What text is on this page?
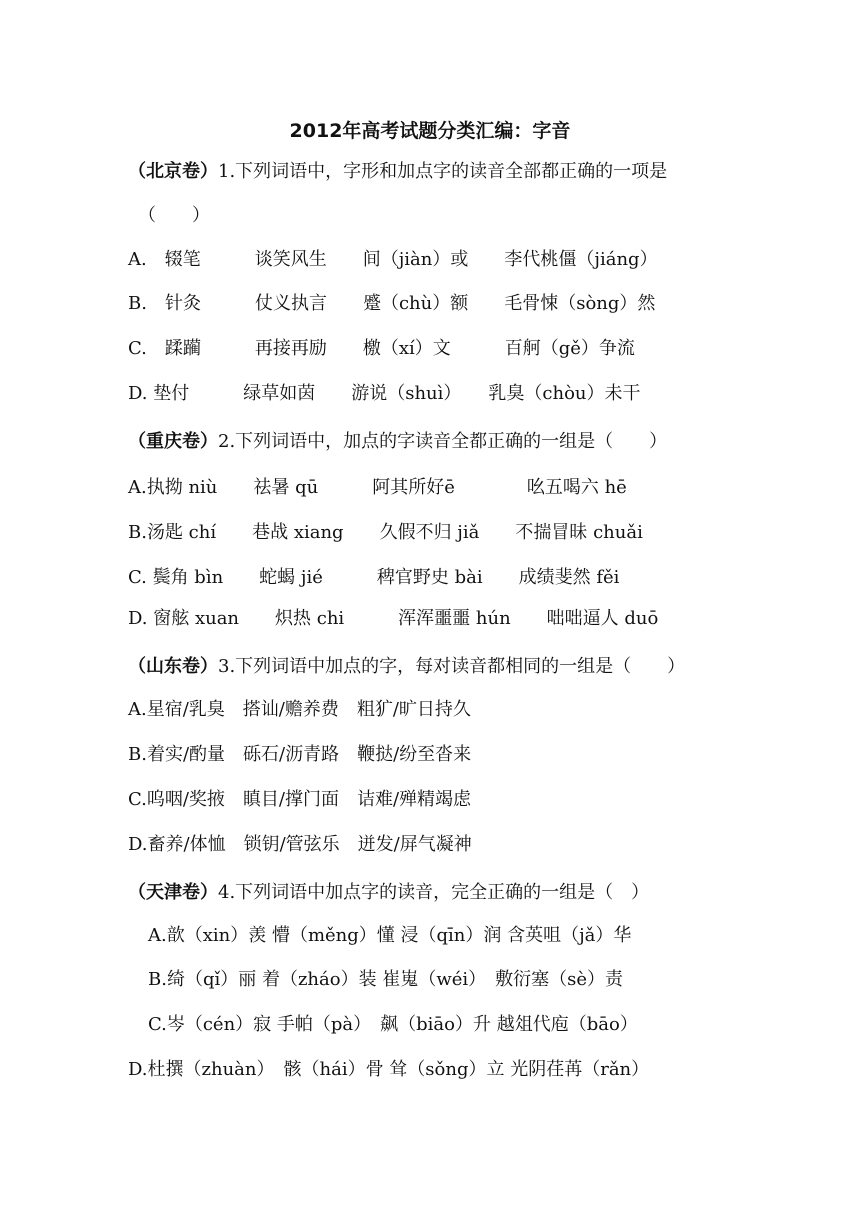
2012年高考试题分类汇编：字音
（北京卷）1.下列词语中，字形和加点字的读音全部都正确的一项是
（　　）
A.　辍笔　　　谈笑风生　　间（jiàn）或　　李代桃僵（jiáng）
B.　针灸　　　仗义执言　　蹙（chù）额　　毛骨悚（sòng）然
C.　蹂躏　　　再接再励　　檄（xí）文　　　百舸（gě）争流
D. 垫付　　　绿草如茵　　游说（shuì）　　乳臭（chòu）未干
（重庆卷）2.下列词语中，加点的字读音全都正确的一组是（　　）
A.执拗 niù　　祛暑 qū　　　阿其所好ē　　　　吆五喝六 hē
B.汤匙 chí　　巷战 xiang　　久假不归 jiǎ　　不揣冒昧 chuǎi
C. 鬓角 bìn　　蛇蝎 jié　　　稗官野史 bài　　成绩斐然 fěi
D. 窗舷 xuan　　炽热 chi　　　浑浑噩噩 hún　　咄咄逼人 duō
（山东卷）3.下列词语中加点的字，每对读音都相同的一组是（　　）
A.星宿/乳臭　搭讪/赡养费　粗犷/旷日持久
B.着实/酌量　砾石/沥青路　鞭挞/纷至沓来
C.呜咽/奖掖　瞋目/撑门面　诘难/殚精竭虑
D.畜养/体恤　锁钥/管弦乐　迸发/屏气凝神
（天津卷）4.下列词语中加点字的读音，完全正确的一组是（　）
A.歆（xin）羡 懵（měng）懂 浸（qīn）润 含英咀（jǎ）华
B.绮（qǐ）丽 着（zháo）装 崔嵬（wéi）　敷衍塞（sè）责
C.岑（cén）寂 手帕（pà）　飙（biāo）升 越俎代庖（bāo）
D.杜撰（zhuàn）　骸（hái）骨 耸（sǒng）立 光阴荏苒（rǎn）
